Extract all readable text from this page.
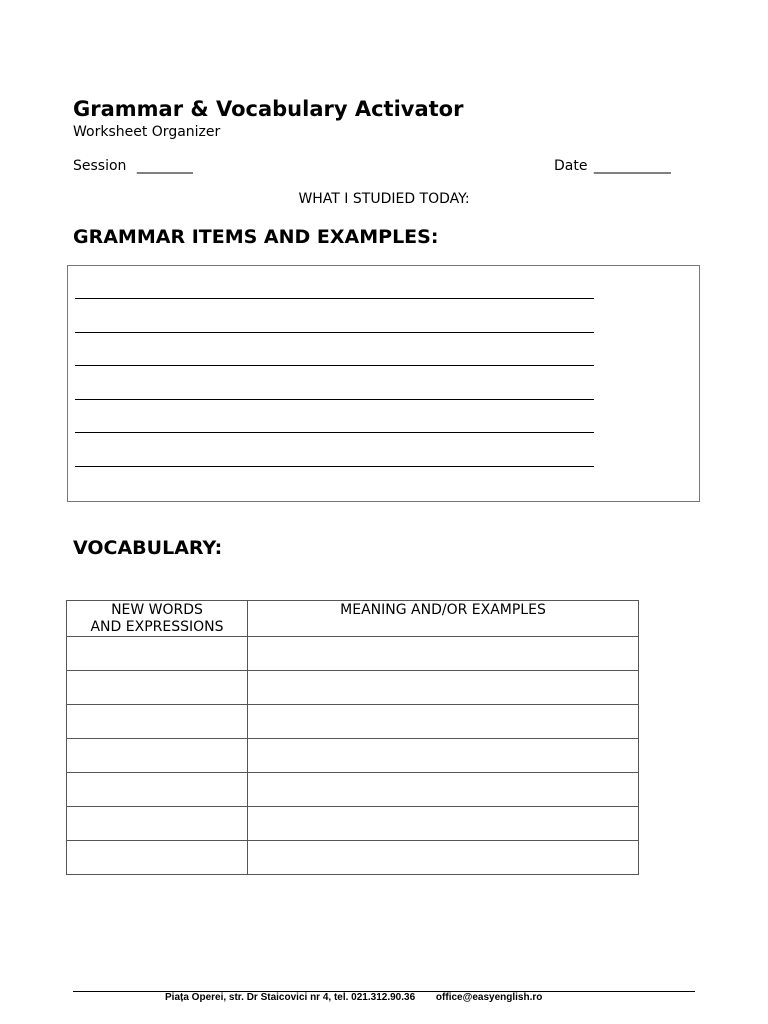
Grammar & Vocabulary Activator
Worksheet Organizer
Session ________	Date ___________
WHAT I STUDIED TODAY:
GRAMMAR ITEMS AND EXAMPLES:
VOCABULARY:
NEW WORDS
AND EXPRESSIONS	MEANING AND/OR EXAMPLES

Piața Operei, str. Dr Staicovici nr 4, tel. 021.312.90.36 office@easyenglish.ro
